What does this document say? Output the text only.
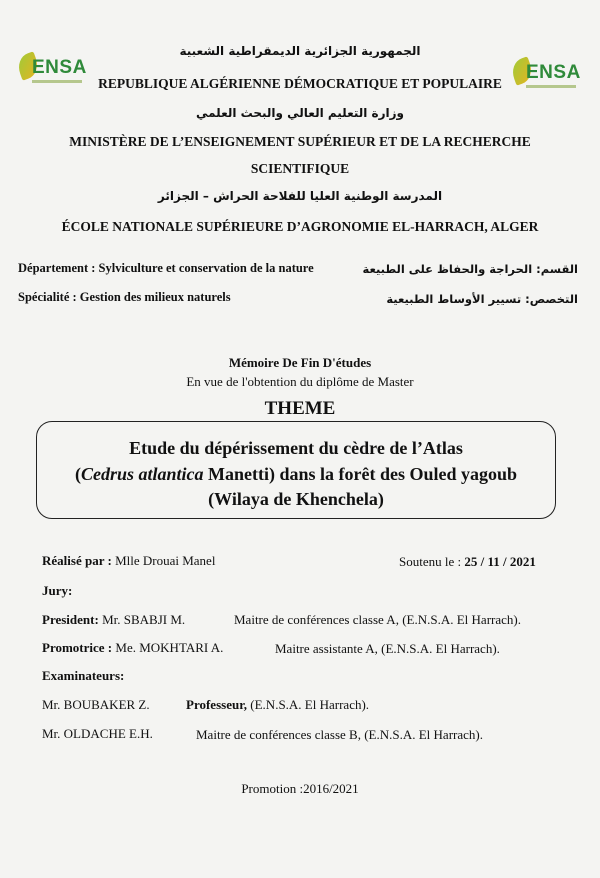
ENSA	ENSA
الجمهورية الجزائرية الديمقراطية الشعبية
REPUBLIQUE ALGÉRIENNE DÉMOCRATIQUE ET POPULAIRE
وزارة التعليم العالي والبحث العلمي
MINISTÈRE DE L’ENSEIGNEMENT SUPÉRIEUR ET DE LA RECHERCHE
SCIENTIFIQUE
المدرسة الوطنية العليا للفلاحة الحراش – الجزائر
ÉCOLE NATIONALE SUPÉRIEURE D’AGRONOMIE EL-HARRACH, ALGER
Département : Sylviculture et conservation de la nature	القسم: الحراجة والحفاظ على الطبيعة
Spécialité : Gestion des milieux naturels	التخصص: تسيير الأوساط الطبيعية
Mémoire De Fin D'études
En vue de l'obtention du diplôme de Master
THEME
Etude du dépérissement du cèdre de l’Atlas
(Cedrus atlantica Manetti) dans la forêt des Ouled yagoub
(Wilaya de Khenchela)
Réalisé par : Mlle Drouai Manel	Soutenu le : 25 / 11 / 2021
Jury:
President: Mr. SBABJI M.	Maitre de conférences classe A, (E.N.S.A. El Harrach).
Promotrice : Me. MOKHTARI A.	Maitre assistante A, (E.N.S.A. El Harrach).
Examinateurs:
Mr. BOUBAKER Z.	Professeur, (E.N.S.A. El Harrach).
Mr. OLDACHE E.H.	Maitre de conférences classe B, (E.N.S.A. El Harrach).
Promotion :2016/2021
